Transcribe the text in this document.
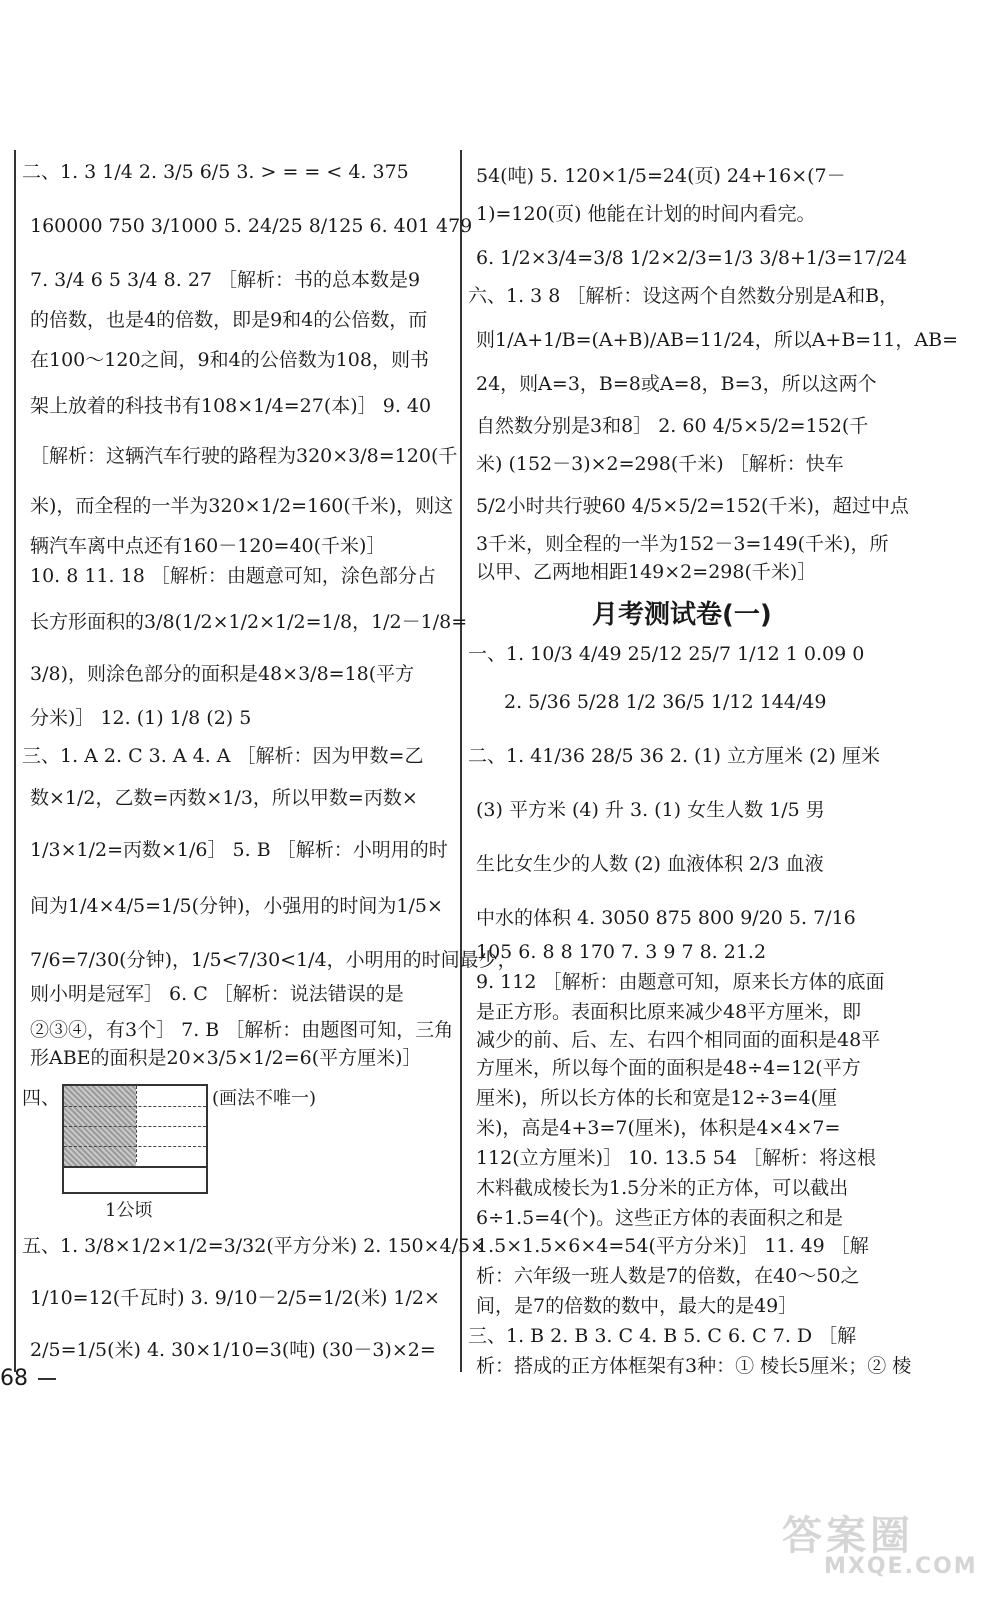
二、1. 3 1/4 2. 3/5 6/5 3. > = = < 4. 375
160000 750 3/1000 5. 24/25 8/125 6. 401 479
7. 3/4 6 5 3/4 8. 27 ［解析：书的总本数是9
的倍数，也是4的倍数，即是9和4的公倍数，而
在100～120之间，9和4的公倍数为108，则书
架上放着的科技书有108×1/4=27(本)］ 9. 40
［解析：这辆汽车行驶的路程为320×3/8=120(千
米)，而全程的一半为320×1/2=160(千米)，则这
辆汽车离中点还有160－120=40(千米)］
10. 8 11. 18 ［解析：由题意可知，涂色部分占
长方形面积的3/8(1/2×1/2×1/2=1/8，1/2－1/8=
3/8)，则涂色部分的面积是48×3/8=18(平方
分米)］ 12. (1) 1/8 (2) 5
三、1. A 2. C 3. A 4. A ［解析：因为甲数=乙
数×1/2，乙数=丙数×1/3，所以甲数=丙数×
1/3×1/2=丙数×1/6］ 5. B ［解析：小明用的时
间为1/4×4/5=1/5(分钟)，小强用的时间为1/5×
7/6=7/30(分钟)，1/5<7/30<1/4，小明用的时间最少，
则小明是冠军］ 6. C ［解析：说法错误的是
②③④，有3个］ 7. B ［解析：由题图可知，三角
形ABE的面积是20×3/5×1/2=6(平方厘米)］
四、
五、1. 3/8×1/2×1/2=3/32(平方分米) 2. 150×4/5×
1/10=12(千瓦时) 3. 9/10－2/5=1/2(米) 1/2×
2/5=1/5(米) 4. 30×1/10=3(吨) (30－3)×2=
(画法不唯一)
1公顷
54(吨) 5. 120×1/5=24(页) 24+16×(7－
1)=120(页) 他能在计划的时间内看完。
6. 1/2×3/4=3/8 1/2×2/3=1/3 3/8+1/3=17/24
六、1. 3 8 ［解析：设这两个自然数分别是A和B，
则1/A+1/B=(A+B)/AB=11/24，所以A+B=11，AB=
24，则A=3，B=8或A=8，B=3，所以这两个
自然数分别是3和8］ 2. 60 4/5×5/2=152(千
米) (152－3)×2=298(千米) ［解析：快车
5/2小时共行驶60 4/5×5/2=152(千米)，超过中点
3千米，则全程的一半为152－3=149(千米)，所
以甲、乙两地相距149×2=298(千米)］
月考测试卷(一)
一、1. 10/3 4/49 25/12 25/7 1/12 1 0.09 0
2. 5/36 5/28 1/2 36/5 1/12 144/49
二、1. 41/36 28/5 36 2. (1) 立方厘米 (2) 厘米
(3) 平方米 (4) 升 3. (1) 女生人数 1/5 男
生比女生少的人数 (2) 血液体积 2/3 血液
中水的体积 4. 3050 875 800 9/20 5. 7/16
105 6. 8 8 170 7. 3 9 7 8. 21.2
9. 112 ［解析：由题意可知，原来长方体的底面
是正方形。表面积比原来减少48平方厘米，即
减少的前、后、左、右四个相同面的面积是48平
方厘米，所以每个面的面积是48÷4=12(平方
厘米)，所以长方体的长和宽是12÷3=4(厘
米)，高是4+3=7(厘米)，体积是4×4×7=
112(立方厘米)］ 10. 13.5 54 ［解析：将这根
木料截成棱长为1.5分米的正方体，可以截出
6÷1.5=4(个)。这些正方体的表面积之和是
1.5×1.5×6×4=54(平方分米)］ 11. 49 ［解
析：六年级一班人数是7的倍数，在40～50之
间，是7的倍数的数中，最大的是49］
三、1. B 2. B 3. C 4. B 5. C 6. C 7. D ［解
析：搭成的正方体框架有3种：① 棱长5厘米；② 棱
68
答案圈
MXQE.COM
